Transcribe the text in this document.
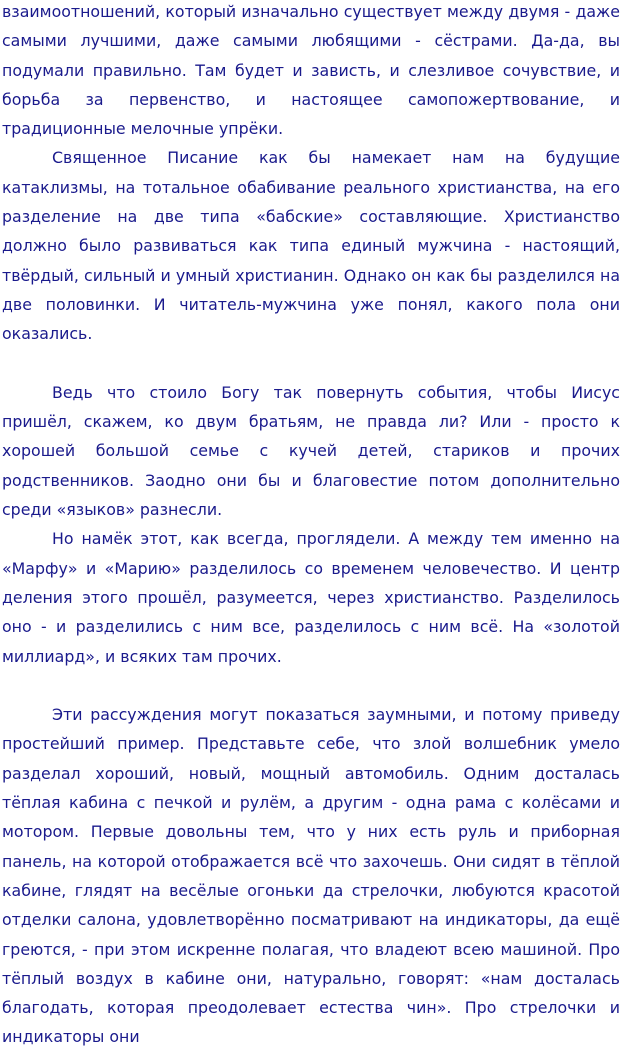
взаимоотношений, который изначально существует между двумя - даже самыми лучшими, даже самыми любящими - сёстрами. Да-да, вы подумали правильно. Там будет и зависть, и слезливое сочувствие, и борьба за первенство, и настоящее самопожертвование, и традиционные мелочные упрёки.

Священное Писание как бы намекает нам на будущие катаклизмы, на тотальное обабивание реального христианства, на его разделение на две типа «бабские» составляющие. Христианство должно было развиваться как типа единый мужчина - настоящий, твёрдый, сильный и умный христианин. Однако он как бы разделился на две половинки. И читатель-мужчина уже понял, какого пола они оказались.

Ведь что стоило Богу так повернуть события, чтобы Иисус пришёл, скажем, ко двум братьям, не правда ли? Или - просто к хорошей большой семье с кучей детей, стариков и прочих родственников. Заодно они бы и благовестие потом дополнительно среди «языков» разнесли.

Но намёк этот, как всегда, проглядели. А между тем именно на «Марфу» и «Марию» разделилось со временем человечество. И центр деления этого прошёл, разумеется, через христианство. Разделилось оно - и разделились с ним все, разделилось с ним всё. На «золотой миллиард», и всяких там прочих.

Эти рассуждения могут показаться заумными, и потому приведу простейший пример. Представьте себе, что злой волшебник умело разделал хороший, новый, мощный автомобиль. Одним досталась тёплая кабина с печкой и рулём, а другим - одна рама с колёсами и мотором. Первые довольны тем, что у них есть руль и приборная панель, на которой отображается всё что захочешь. Они сидят в тёплой кабине, глядят на весёлые огоньки да стрелочки, любуются красотой отделки салона, удовлетворённо посматривают на индикаторы, да ещё греются, - при этом искренне полагая, что владеют всею машиной. Про тёплый воздух в кабине они, натурально, говорят: «нам досталась благодать, которая преодолевает естества чин». Про стрелочки и индикаторы они
